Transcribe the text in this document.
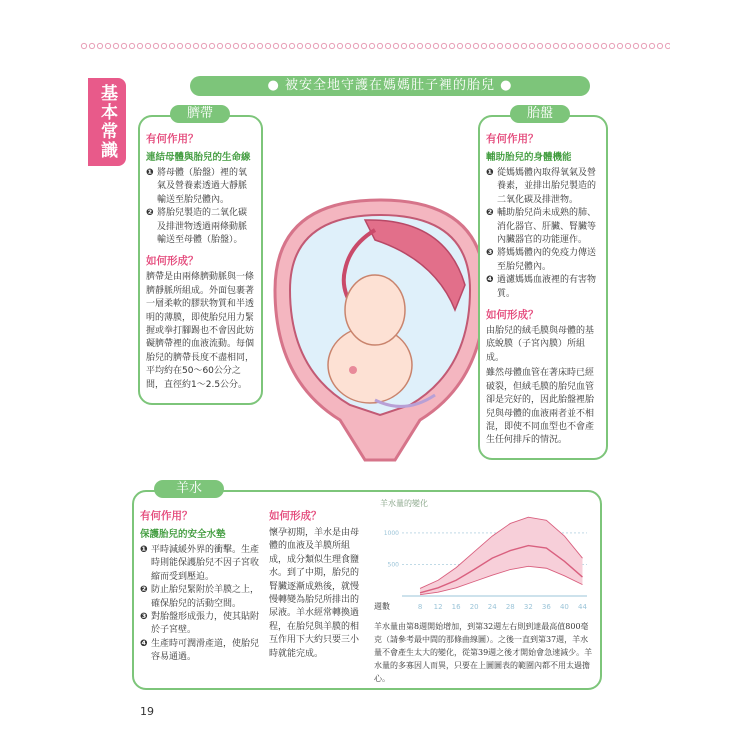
基本常識	● 被安全地守護在媽媽肚子裡的胎兒 ●
臍帶
有何作用？
連結母體與胎兒的生命線
❶ 將母體（胎盤）裡的氧氣及營養素透過大靜脈輸送至胎兒體內。
❷ 將胎兒製造的二氧化碳及排泄物透過兩條動脈輸送至母體（胎盤）。
如何形成？
臍帶是由兩條臍動脈與一條臍靜脈所組成。外面包裹著一層柔軟的膠狀物質和半透明的薄膜，即使胎兒用力緊握或拳打腳踢也不會因此妨礙臍帶裡的血液流動。每個胎兒的臍帶長度不盡相同，平均約在50～60公分之間，直徑約1～2.5公分。
胎盤
有何作用？
輔助胎兒的身體機能
❶ 從媽媽體內取得氧氣及營養素，並排出胎兒製造的二氧化碳及排泄物。
❷ 輔助胎兒尚未成熟的肺、消化器官、肝臟、腎臟等內臟器官的功能運作。
❸ 將媽媽體內的免疫力傳送至胎兒體內。
❹ 過濾媽媽血液裡的有害物質。
如何形成？
由胎兒的絨毛膜與母體的基底蛻膜（子宮內膜）所組成。
雖然母體血管在著床時已經破裂，但絨毛膜的胎兒血管卻是完好的，因此胎盤裡胎兒與母體的血液兩者並不相混，即使不同血型也不會產生任何排斥的情況。
羊水
有何作用？
保護胎兒的安全水墊
❶ 平時減緩外界的衝擊。生產時則能保護胎兒不因子宮收縮而受到壓迫。
❷ 防止胎兒緊附於羊膜之上，確保胎兒的活動空間。
❸ 對胎盤形成張力，使其貼附於子宮壁。
❹ 生產時可潤滑產道，使胎兒容易通過。
如何形成？
懷孕初期，羊水是由母體的血液及羊膜所組成，成分類似生理食鹽水。到了中期，胎兒的腎臟逐漸成熟後，就慢慢轉變為胎兒所排出的尿液。羊水經常轉換過程，在胎兒與羊膜的相互作用下大約只要三小時就能完成。
羊水量的變化
8 12 16 20 24 28 32 36 40 44
500
1000
週數
羊水量由第8週開始增加，到第32週左右則到達最高值800毫克（請參考最中間的那條曲線圖）。之後一直到第37週，羊水量不會產生太大的變化，從第39週之後才開始會急速減少。羊水量的多寡因人而異，只要在上圖圖表的範圍內都不用太過擔心。
19
